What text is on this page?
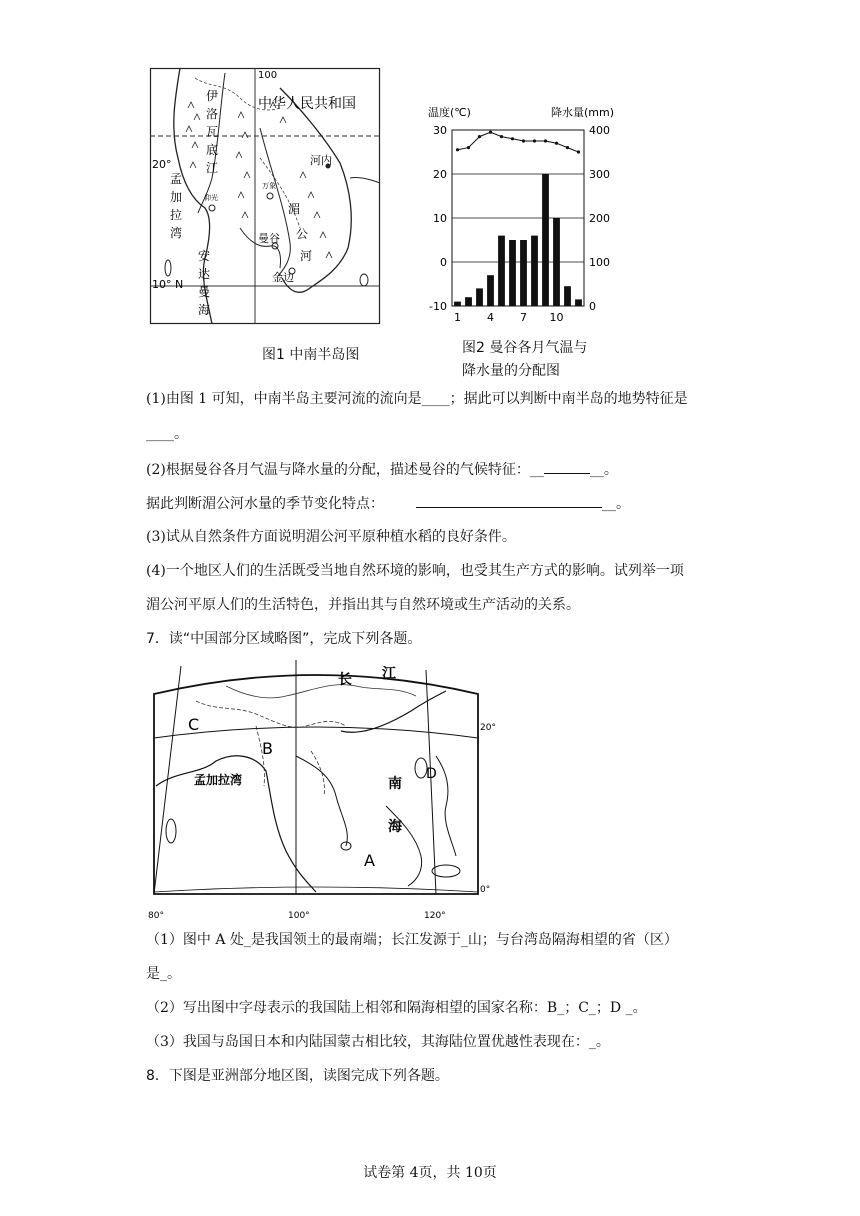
100
中华人民共和国
20°
10° N
伊
洛
瓦
底
江
孟
加
拉
湾
安
达
曼
海
湄
公
河
河内
曼谷
金边
仰光
万象
图1 中南半岛图
温度(℃)	降水量(mm)
30
20
10
0
-10
400
300
200
100
0
1 4 7 10
图2 曼谷各月气温与
降水量的分配图
(1)由图 1 可知，中南半岛主要河流的流向是____；据此可以判断中南半岛的地势特征是
____。
(2)根据曼谷各月气温与降水量的分配，描述曼谷的气候特征：__	__。
据此判断湄公河水量的季节变化特点：	__。
(3)试从自然条件方面说明湄公河平原种植水稻的良好条件。
(4)一个地区人们的生活既受当地自然环境的影响，也受其生产方式的影响。试列举一项
湄公河平原人们的生活特色，并指出其与自然环境或生产活动的关系。
7．读“中国部分区域略图”，完成下列各题。
C
B
A
D
孟加拉湾
长 江
南
海
20°
0°
80°	100°	120°
（1）图中 A 处_是我国领土的最南端；长江发源于_山；与台湾岛隔海相望的省（区）
是_。
（2）写出图中字母表示的我国陆上相邻和隔海相望的国家名称：B_；C_；D _。
（3）我国与岛国日本和内陆国蒙古相比较，其海陆位置优越性表现在：_。
8．下图是亚洲部分地区图，读图完成下列各题。
试卷第 4页，共 10页
